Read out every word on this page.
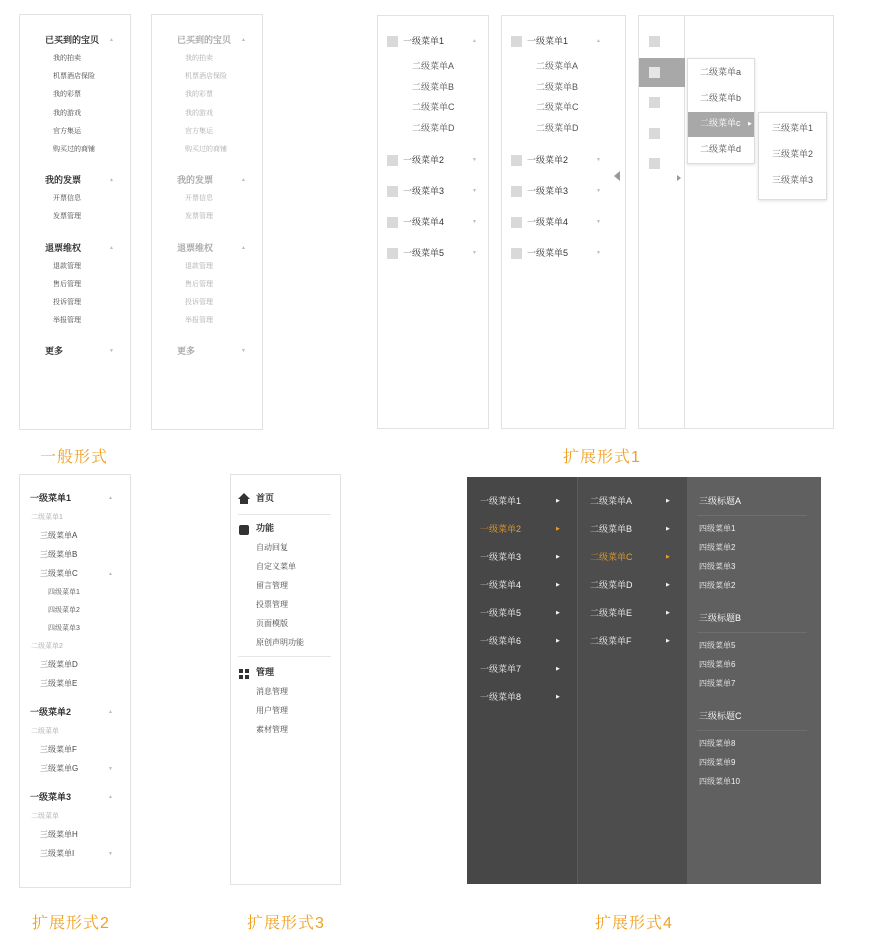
已买到的宝贝 ▲
我的拍卖
机票酒店保险
我的彩票
我的游戏
官方集运
购买过的商铺
我的发票	▲
开票信息
发票管理
退票维权	▲
退款管理
售后管理
投诉管理
举报管理
更多	▼
已买到的宝贝 ▲
我的拍卖
机票酒店保险
我的彩票
我的游戏
官方集运
购买过的商铺
我的发票	▲
开票信息
发票管理
退票维权	▲
退款管理
售后管理
投诉管理
举报管理
更多	▼
一级菜单1	▲
一级菜单2	▼
一级菜单3	▼
一级菜单4	▼
一级菜单5	▼
二级菜单A
二级菜单B
二级菜单C
二级菜单D
一级菜单1	▲
一级菜单2	▼
一级菜单3	▼
一级菜单4	▼
一级菜单5	▼
二级菜单A
二级菜单B
二级菜单C
二级菜单D
二级菜单a
二级菜单b
二级菜单c
二级菜单d
▶ 三级菜单1
三级菜单2
三级菜单3
一级菜单1	▲
二级菜单1
三级菜单A
三级菜单B
三级菜单C	▲
四级菜单1
四级菜单2
四级菜单3
二级菜单2
三级菜单D
三级菜单E
一级菜单2	▲
二级菜单
三级菜单F
三级菜单G	▼
一级菜单3	▲
二级菜单
三级菜单H
三级菜单I	▼
首页
功能
自动回复
自定义菜单
留言管理
投票管理
页面模版
原创声明功能
管理
消息管理
用户管理
素材管理
一级菜单1	▶
一级菜单2	▶
一级菜单3	▶
一级菜单4	▶
一级菜单5	▶
一级菜单6	▶
一级菜单7	▶
一级菜单8	▶
二级菜单A	▶
二级菜单B	▶
二级菜单C	▶
二级菜单D	▶
二级菜单E	▶
二级菜单F	▶
三级标题A
四级菜单1
四级菜单2
四级菜单3
四级菜单2
三级标题B
四级菜单5
四级菜单6
四级菜单7
三级标题C
四级菜单8
四级菜单9
四级菜单10
一般形式	扩展形式1
扩展形式2	扩展形式3	扩展形式4
